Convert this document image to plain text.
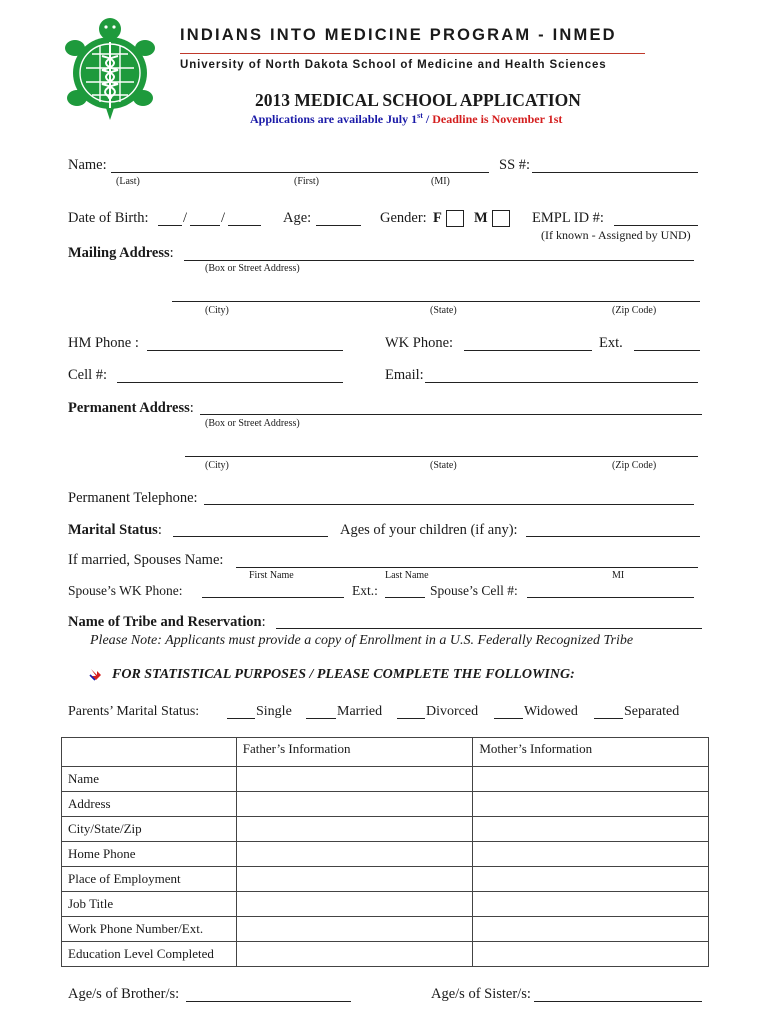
INDIANS INTO MEDICINE PROGRAM - INMED
University of North Dakota School of Medicine and Health Sciences
2013 MEDICAL SCHOOL APPLICATION
Applications are available July 1st / Deadline is November 1st
Name:	SS #:
(Last)	(First)	(MI)
Date of Birth: / /	Age:	Gender: F M	EMPL ID #:
(If known - Assigned by UND)
Mailing Address:
(Box or Street Address)
(City)	(State)	(Zip Code)
HM Phone :	WK Phone:	Ext.
Cell #:	Email:
Permanent Address:
(Box or Street Address)
(City)	(State)	(Zip Code)
Permanent Telephone:
Marital Status:	Ages of your children (if any):
If married, Spouses Name:
First Name	Last Name	MI
Spouse’s WK Phone:	Ext.:	Spouse’s Cell #:
Name of Tribe and Reservation:
Please Note: Applicants must provide a copy of Enrollment in a U.S. Federally Recognized Tribe
FOR STATISTICAL PURPOSES / PLEASE COMPLETE THE FOLLOWING:
Parents’ Marital Status:	Single	Married	Divorced	Widowed	Separated
	Father’s Information	Mother’s Information
Name		
Address		
City/State/Zip		
Home Phone		
Place of Employment		
Job Title		
Work Phone Number/Ext.		
Education Level Completed		
Age/s of Brother/s:	Age/s of Sister/s:
